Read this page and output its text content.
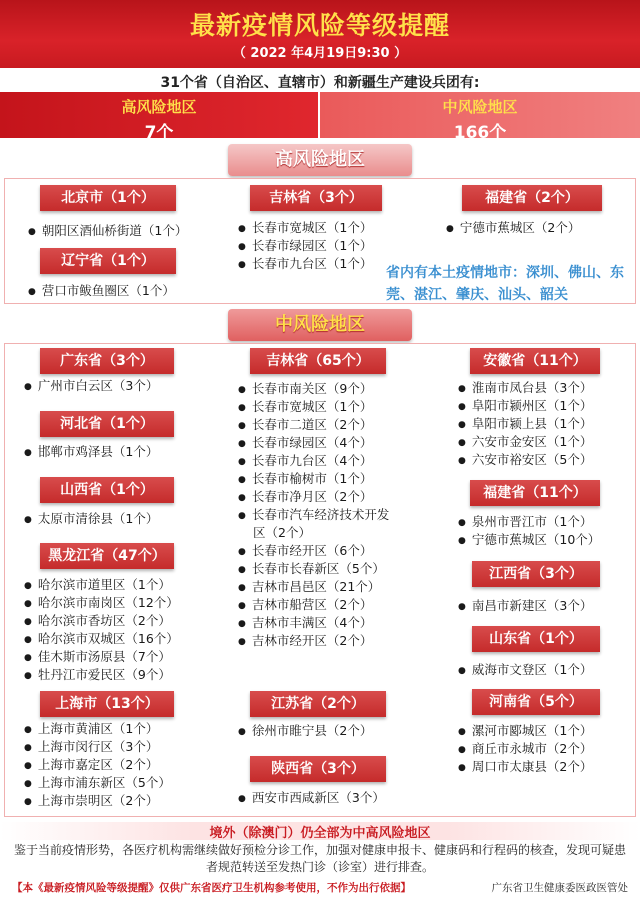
最新疫情风险等级提醒
（ 2022 年4月19日9:30 ）
31个省（自治区、直辖市）和新疆生产建设兵团有:
高风险地区
7个
中风险地区
166个
高风险地区
北京市（1个）
● 朝阳区酒仙桥街道（1个）
辽宁省（1个）
● 营口市鲅鱼圈区（1个）
吉林省（3个）
● 长春市宽城区（1个）
● 长春市绿园区（1个）
● 长春市九台区（1个）
福建省（2个）
● 宁德市蕉城区（2个）
省内有本土疫情地市：深圳、佛山、东莞、湛江、肇庆、汕头、韶关
中风险地区
广东省（3个）
● 广州市白云区（3个）
河北省（1个）
● 邯郸市鸡泽县（1个）
山西省（1个）
● 太原市清徐县（1个）
黑龙江省（47个）
● 哈尔滨市道里区（1个）
● 哈尔滨市南岗区（12个）
● 哈尔滨市香坊区（2个）
● 哈尔滨市双城区（16个）
● 佳木斯市汤原县（7个）
● 牡丹江市爱民区（9个）
上海市（13个）
● 上海市黄浦区（1个）
● 上海市闵行区（3个）
● 上海市嘉定区（2个）
● 上海市浦东新区（5个）
● 上海市崇明区（2个）
吉林省（65个）
● 长春市南关区（9个）
● 长春市宽城区（1个）
● 长春市二道区（2个）
● 长春市绿园区（4个）
● 长春市九台区（4个）
● 长春市榆树市（1个）
● 长春市净月区（2个）
● 长春市汽车经济技术开发
区（2个）
● 长春市经开区（6个）
● 长春市长春新区（5个）
● 吉林市昌邑区（21个）
● 吉林市船营区（2个）
● 吉林市丰满区（4个）
● 吉林市经开区（2个）
江苏省（2个）
● 徐州市睢宁县（2个）
陕西省（3个）
● 西安市西咸新区（3个）
安徽省（11个）
● 淮南市凤台县（3个）
● 阜阳市颍州区（1个）
● 阜阳市颍上县（1个）
● 六安市金安区（1个）
● 六安市裕安区（5个）
福建省（11个）
● 泉州市晋江市（1个）
● 宁德市蕉城区（10个）
江西省（3个）
● 南昌市新建区（3个）
山东省（1个）
● 威海市文登区（1个）
河南省（5个）
● 漯河市郾城区（1个）
● 商丘市永城市（2个）
● 周口市太康县（2个）
境外（除澳门）仍全部为中高风险地区
鉴于当前疫情形势，各医疗机构需继续做好预检分诊工作，加强对健康申报卡、健康码和行程码的核查，发现可疑患者规范转送至发热门诊（诊室）进行排查。
【本《最新疫情风险等级提醒》仅供广东省医疗卫生机构参考使用，不作为出行依据】	广东省卫生健康委医政医管处
